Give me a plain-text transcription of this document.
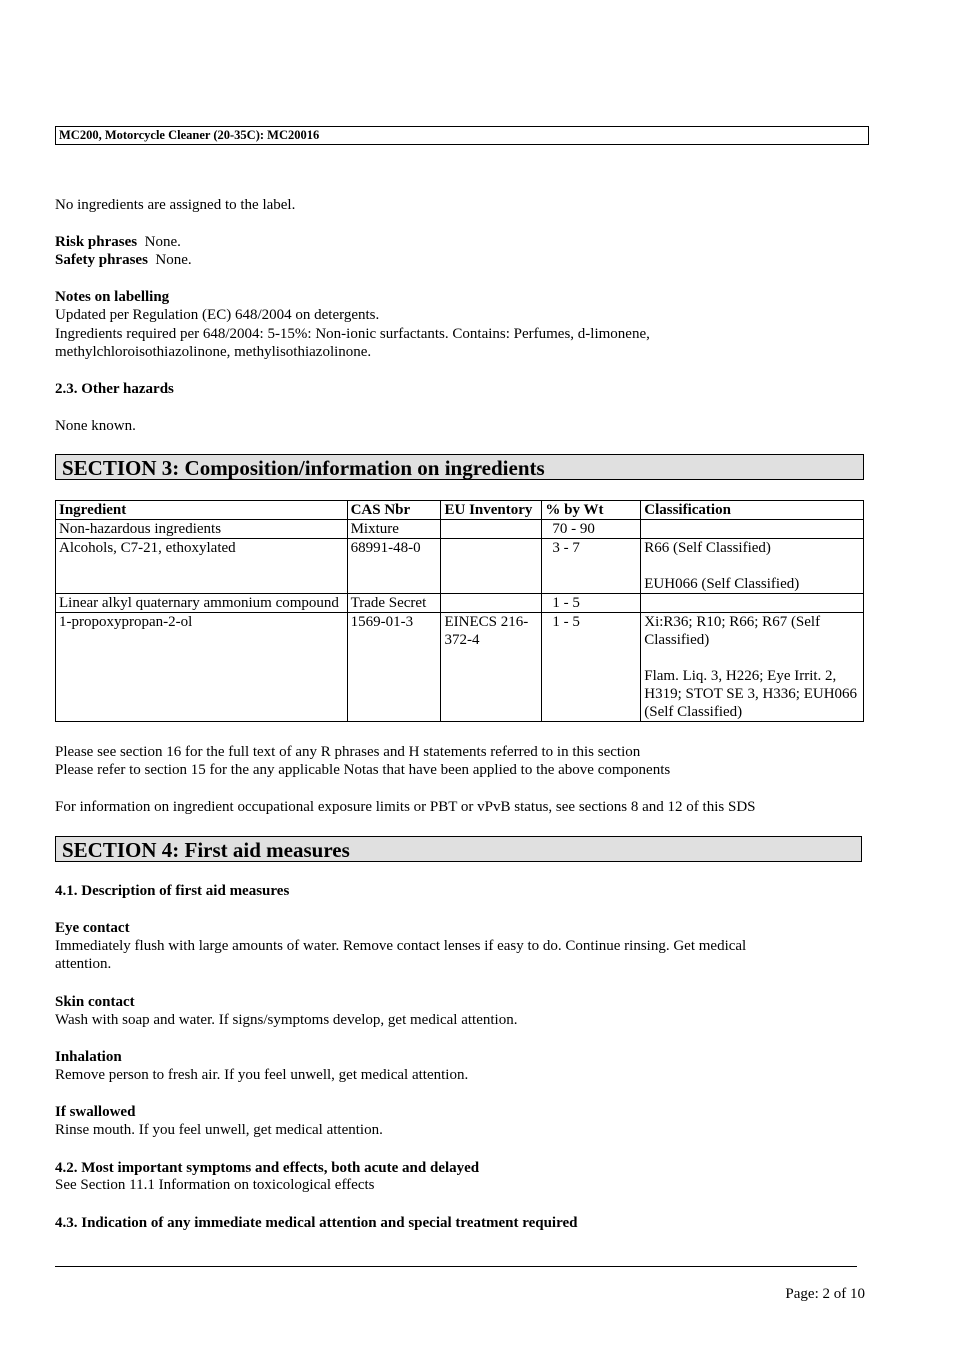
MC200, Motorcycle Cleaner (20-35C): MC20016
No ingredients are assigned to the label.
Risk phrases None.
Safety phrases None.
Notes on labelling
Updated per Regulation (EC) 648/2004 on detergents.
Ingredients required per 648/2004: 5-15%: Non-ionic surfactants. Contains: Perfumes, d-limonene,
methylchloroisothiazolinone, methylisothiazolinone.
2.3. Other hazards
None known.
SECTION 3: Composition/information on ingredients
Ingredient	CAS Nbr	EU Inventory	% by Wt	Classification
Non-hazardous ingredients	Mixture		70 - 90	
Alcohols, C7-21, ethoxylated	68991-48-0		3 - 7	R66 (Self Classified)
EUH066 (Self Classified)

Linear alkyl quaternary ammonium compound	Trade Secret		1 - 5	
1-propoxypropan-2-ol	1569-01-3	EINECS 216-372-4	1 - 5	Xi:R36; R10; R66; R67 (Self Classified)
Flam. Liq. 3, H226; Eye Irrit. 2, H319; STOT SE 3, H336; EUH066 (Self Classified)
Please see section 16 for the full text of any R phrases and H statements referred to in this section
Please refer to section 15 for the any applicable Notas that have been applied to the above components
For information on ingredient occupational exposure limits or PBT or vPvB status, see sections 8 and 12 of this SDS
SECTION 4: First aid measures
4.1. Description of first aid measures
Eye contact
Immediately flush with large amounts of water. Remove contact lenses if easy to do. Continue rinsing. Get medical
attention.
Skin contact
Wash with soap and water. If signs/symptoms develop, get medical attention.
Inhalation
Remove person to fresh air. If you feel unwell, get medical attention.
If swallowed
Rinse mouth. If you feel unwell, get medical attention.
4.2. Most important symptoms and effects, both acute and delayed
See Section 11.1 Information on toxicological effects
4.3. Indication of any immediate medical attention and special treatment required
Page: 2 of 10
